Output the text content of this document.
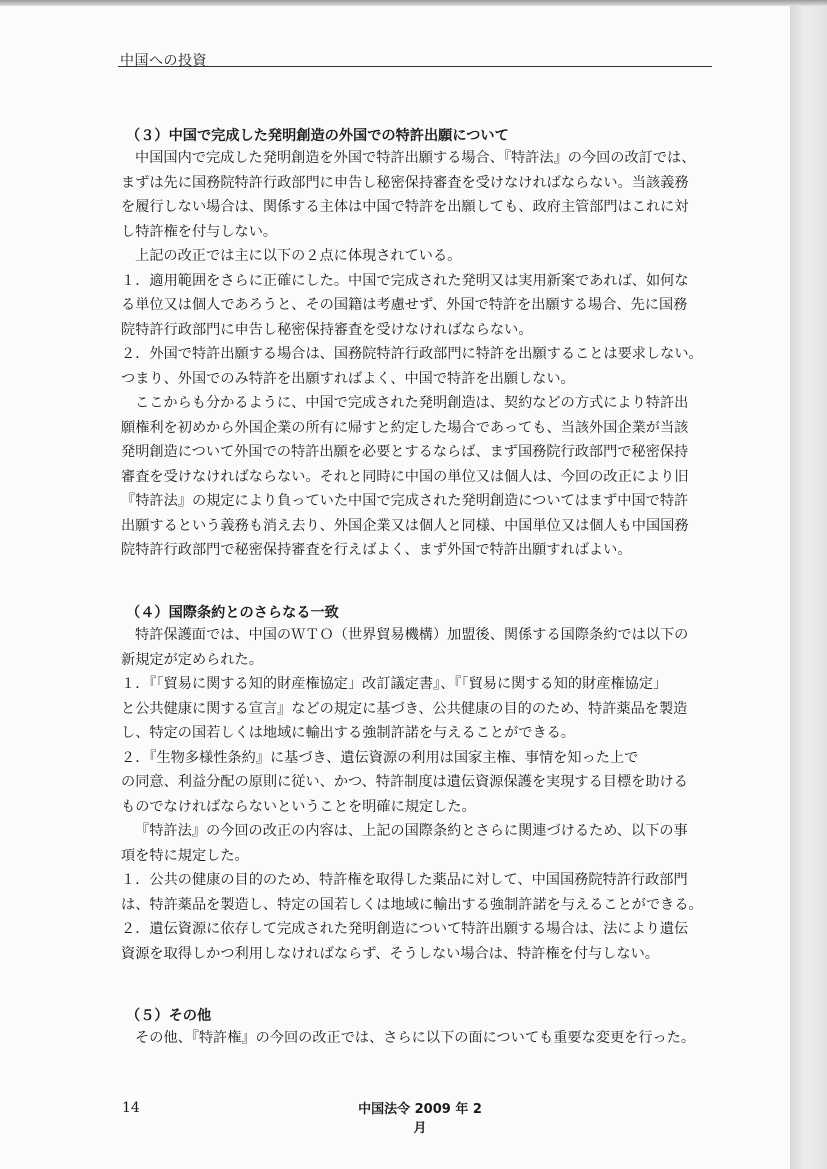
中国への投資
（３）中国で完成した発明創造の外国での特許出願について
中国国内で完成した発明創造を外国で特許出願する場合、『特許法』の今回の改訂では、
まずは先に国務院特許行政部門に申告し秘密保持審査を受けなければならない。当該義務
を履行しない場合は、関係する主体は中国で特許を出願しても、政府主管部門はこれに対
し特許権を付与しない。
上記の改正では主に以下の２点に体現されている。
１．適用範囲をさらに正確にした。中国で完成された発明又は実用新案であれば、如何な
る単位又は個人であろうと、その国籍は考慮せず、外国で特許を出願する場合、先に国務
院特許行政部門に申告し秘密保持審査を受けなければならない。
２．外国で特許出願する場合は、国務院特許行政部門に特許を出願することは要求しない。
つまり、外国でのみ特許を出願すればよく、中国で特許を出願しない。
ここからも分かるように、中国で完成された発明創造は、契約などの方式により特許出
願権利を初めから外国企業の所有に帰すと約定した場合であっても、当該外国企業が当該
発明創造について外国での特許出願を必要とするならば、まず国務院行政部門で秘密保持
審査を受けなければならない。それと同時に中国の単位又は個人は、今回の改正により旧
『特許法』の規定により負っていた中国で完成された発明創造についてはまず中国で特許
出願するという義務も消え去り、外国企業又は個人と同様、中国単位又は個人も中国国務
院特許行政部門で秘密保持審査を行えばよく、まず外国で特許出願すればよい。
（４）国際条約とのさらなる一致
特許保護面では、中国のＷＴＯ（世界貿易機構）加盟後、関係する国際条約では以下の
新規定が定められた。
１．『「貿易に関する知的財産権協定」改訂議定書』、『「貿易に関する知的財産権協定」
と公共健康に関する宣言』などの規定に基づき、公共健康の目的のため、特許薬品を製造
し、特定の国若しくは地域に輸出する強制許諾を与えることができる。
２．『生物多様性条約』に基づき、遺伝資源の利用は国家主権、事情を知った上で
の同意、利益分配の原則に従い、かつ、特許制度は遺伝資源保護を実現する目標を助ける
ものでなければならないということを明確に規定した。
『特許法』の今回の改正の内容は、上記の国際条約とさらに関連づけるため、以下の事
項を特に規定した。
１．公共の健康の目的のため、特許権を取得した薬品に対して、中国国務院特許行政部門
は、特許薬品を製造し、特定の国若しくは地域に輸出する強制許諾を与えることができる。
２．遺伝資源に依存して完成された発明創造について特許出願する場合は、法により遺伝
資源を取得しかつ利用しなければならず、そうしない場合は、特許権を付与しない。
（５）その他
その他、『特許権』の今回の改正では、さらに以下の面についても重要な変更を行った。
14	中国法令 2009 年 2 月
